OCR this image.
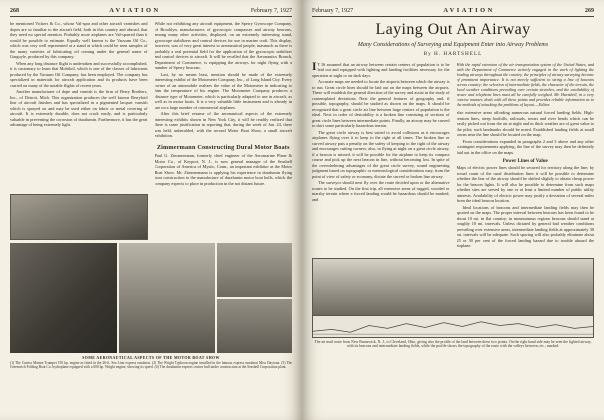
268	AVIATION	February 7, 1927

be mentioned Vickers & Co., whose Val-spar and other aircraft varnishes and dopes are so familiar to the aircraft field, both in this country and abroad, that they need no special mention. Probably more airplanes are Val-sparred than it would be possible to estimate. Equally well known is the Vacuum Oil Co., which was very well represented at a stand at which could be seen samples of the many varieties of lubricating oil coming under the general name of Gargoyle, produced by this company.

When any long distance flight is undertaken and successfully accomplished, it is customary to learn that Mobiloil, which is one of the classes of lubricants produced by the Vacuum Oil Company, has been employed. The company has specialized in materials for aircraft application and its products have been carried on many of the notable flights of recent years.

Another manufacturer of dope and varnish is the firm of Berry Brothers, Inc., of Detroit, Mich. This organization produces the well known Berryloid line of aircraft finishes and has specialized in a pigmented lacquer varnish which is sprayed on and may be used either on fabric or metal covering of aircraft. It is extremely durable, does not crack easily, and is particularly valuable in preventing the corrosion of duralumin. Furthermore, it has the great advantage of being extremely light.

While not exhibiting any aircraft equipment, the Sperry Gyroscope Company, of Brooklyn, manufacturers of gyroscopic compasses and airway beacons, among many other activities, displayed, on an extremely interesting stand, gyroscope stabilizers and control devices for use in marine craft. This display, however, was of very great interest to aeronautical people, inasmuch as there is probably a real potential field for the application of the gyroscopic stabilizer and control devices to aircraft. It will be recalled that the Aeronautics Branch, Department of Commerce, is equipping the airways for night flying with a number of Sperry beacons.

Last, by no means least, mention should be made of the extremely interesting exhibit of the Motometer Company, Inc., of Long Island City. Every owner of an automobile realizes the value of the Motometer in indicating to him the temperature of his engine. The Motometer Company produces a distance type of Motometer, which is particularly adapted to use in aircraft, as well as in motor boats. It is a very valuable little instrument and is already in use on a large number of commercial airplanes.

After this brief resume of the aeronautical aspects of the extremely interesting exhibits shown in New York City, it will be readily realized that there is some justification in reporting that, during the week of Jan. 24, there was held, unheralded, with the second Motor Boat Show, a small aircraft exhibition.

Zimmermann Constructing Dural Motor Boats

Paul G. Zimmermann, formerly chief engineer of the Aeromarine Plane & Motor Co., of Keyport, N. J., is now general manager of the Seashell Corporation of America of Mystic, Conn., an important exhibitor at the Motor Boat Show. Mr. Zimmermann is applying his experience in duralumin flying boat construction to the manufacture of duralumin motor boat hulls, which the company expects to place in production in the not distant future.

SOME AERONAUTICAL ASPECTS OF THE MOTOR BOAT SHOW
(1) The Curtiss Marine Trumpet 150 hp. engine as fitted in the 26-ft. Sea Lion express runabout. (2) The Wright Typhoon engine installed in the famous express runabout Miss Daytona. (3) The Greenwich Folding Boat Co. hydroplane equipped with a 600 hp. Wright engine, showing its speed. (4) The duralumin express cruiser hull under construction at the Seashell Corporation plant.
February 7, 1927	AVIATION	269
Laying Out An Airway
Many Considerations of Surveying and Equipment Enter into Airway Problems
By H. HARTSHELL

I T IS assumed that an airway between certain centers of population is to be laid out and equipped with lighting and landing facilities necessary for the operation at night or on dark days.

Accurate maps are needed to locate the airports between which the airway is to run. Great circle lines should be laid out on the maps between the airports. These will establish the general direction of the survey and assist in the study of contemplated deviations. Next the general features of geography and, if possible, topography, should be studied as shown on the maps. It should be recognized that a great circle air line between large centers of population is the ideal. Next in order of desirability is a broken line consisting of sections of great circle lines between intermediate points. Finally, an airway may be curved to skirt some particularly hazardous terrain.

The great circle airway is best suited to avoid collisions as it encourages airplanes flying over it to keep to the right at all times. The broken line or curved airway puts a penalty on the safety of keeping to the right of the airway and encourages cutting corners; also, in flying at night on a great circle airway, if a beacon is missed, it will be possible for the airplane to keep its compass course and pick up the next beacon in line, without becoming lost. In spite of the overwhelming advantages of the great circle survey, sound engineering judgment based on topographic or meteorological considerations may, from the point of view of safety or economy, dictate the curved or broken line airway.

The surveyor should next fly over the route decided upon or the alternative routes to be studied. On the first trip, all extensive areas of rugged, wooded or marshy terrain where a forced landing would be hazardous should be marked, and

With the rapid extension of the air transportation system of the United States, and with the Department of Commerce actively engaged in the work of lighting the leading airways throughout the country, the principles of airway surveying become of prominent importance. It is not merely sufficient to string a line of beacons across country; the selection of intermediate fields, the character of the terrain, the local weather conditions prevailing over certain stretches, and the availability of power and telephone lines must all be carefully weighed. Mr. Hartshell, in a very concise manner, deals with all these points and provides reliable information as to the methods of attacking the problems of layout.—Editor.

also extensive areas affording numerous natural forced landing fields. High-tension lines, steep foothills, railroads, towns and river bends which can be easily picked out from the air at night and in thick weather are of great value to the pilot; such landmarks should be noted. Established landing fields at small towns near the line should be located on the map.

From considerations expanded in paragraphs 2 and 3 above and any other contingent requirements applying, the line of the survey may then be definitely laid out in the office on the maps.

Power Lines of Value

Maps of electric power lines should be secured for territory along the line; by actual count of the rural distribution lines it will be possible to determine whether the line of the airway should be shifted slightly to obtain cheap power for the beacon lights. It will also be possible to determine from such maps whether sites are served by one or at least a limited number of public utility interests. Availability of electric power may justify a deviation of several miles from the ideal beacon location.

Ideal locations of beacons and intermediate landing fields may then be spotted on the maps. The proper interval between beacons has been found to be about 10 mi. in flat country; in mountainous regions beacons should stand at roughly 10 mi. intervals. Unless dictated by general bad weather conditions prevailing over extensive areas, intermediate landing fields at approximately 30 mi. intervals will be adequate. Such spacing will also probably eliminate about 25 or 30 per cent of the forced landing hazard due to trouble aboard the airplane.

The air mail route from New Brunswick, N. J., to Cleveland, Ohio, giving also the profile of the land between these two points. On the right hand side may be seen the lighted airway, with its beacons and intermediate landing fields, while the profile shows the topography of the route with the valleys between, etc., marked.
